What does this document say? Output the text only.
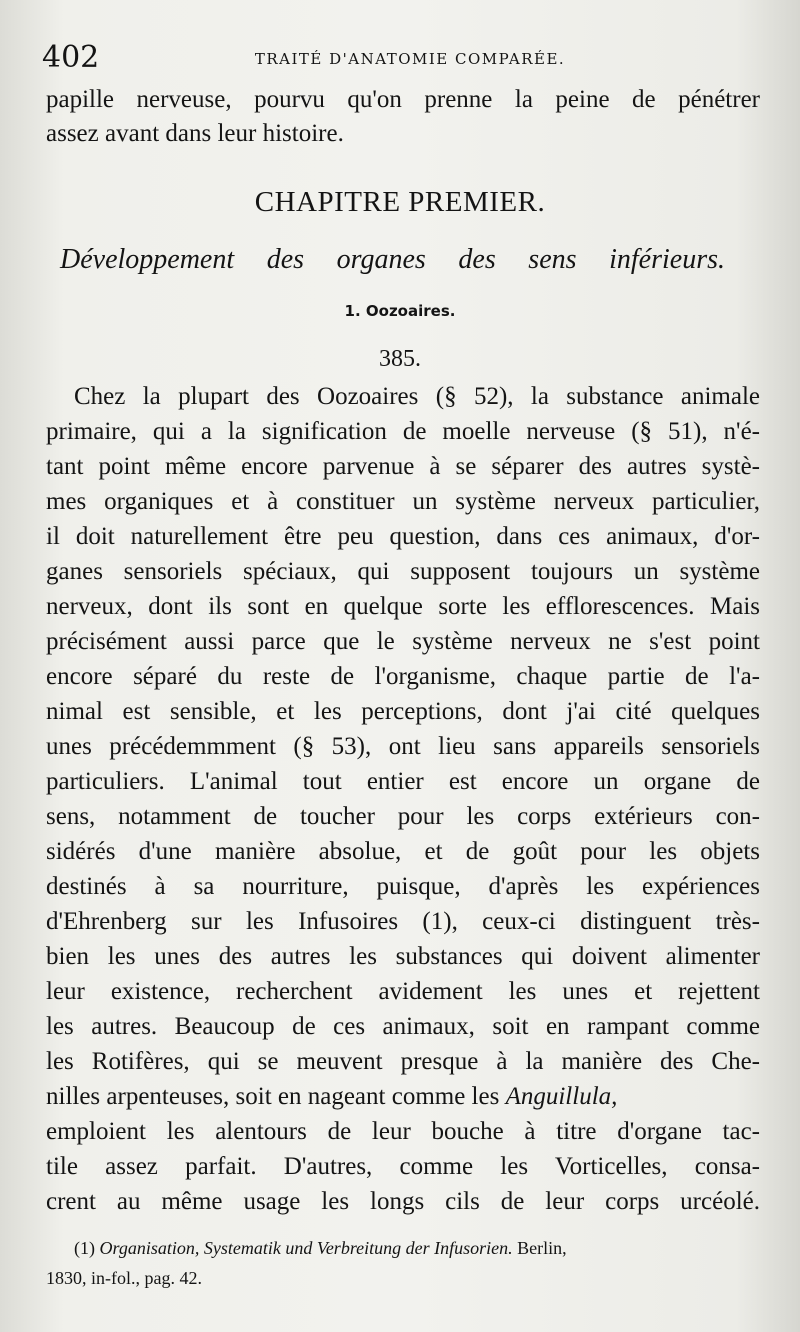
402	TRAITÉ D'ANATOMIE COMPARÉE.
papille nerveuse, pourvu qu'on prenne la peine de pénétrer
assez avant dans leur histoire.
CHAPITRE PREMIER.
Développement des organes des sens inférieurs.
1. Oozoaires.
385.
Chez la plupart des Oozoaires (§ 52), la substance animale
primaire, qui a la signification de moelle nerveuse (§ 51), n'é-
tant point même encore parvenue à se séparer des autres systè-
mes organiques et à constituer un système nerveux particulier,
il doit naturellement être peu question, dans ces animaux, d'or-
ganes sensoriels spéciaux, qui supposent toujours un système
nerveux, dont ils sont en quelque sorte les efflorescences. Mais
précisément aussi parce que le système nerveux ne s'est point
encore séparé du reste de l'organisme, chaque partie de l'a-
nimal est sensible, et les perceptions, dont j'ai cité quelques
unes précédemmment (§ 53), ont lieu sans appareils sensoriels
particuliers. L'animal tout entier est encore un organe de
sens, notamment de toucher pour les corps extérieurs con-
sidérés d'une manière absolue, et de goût pour les objets
destinés à sa nourriture, puisque, d'après les expériences
d'Ehrenberg sur les Infusoires (1), ceux-ci distinguent très-
bien les unes des autres les substances qui doivent alimenter
leur existence, recherchent avidement les unes et rejettent
les autres. Beaucoup de ces animaux, soit en rampant comme
les Rotifères, qui se meuvent presque à la manière des Che-
nilles arpenteuses, soit en nageant comme les Anguillula,
emploient les alentours de leur bouche à titre d'organe tac-
tile assez parfait. D'autres, comme les Vorticelles, consa-
crent au même usage les longs cils de leur corps urcéolé.
(1) Organisation, Systematik und Verbreitung der Infusorien. Berlin,
1830, in-fol., pag. 42.
